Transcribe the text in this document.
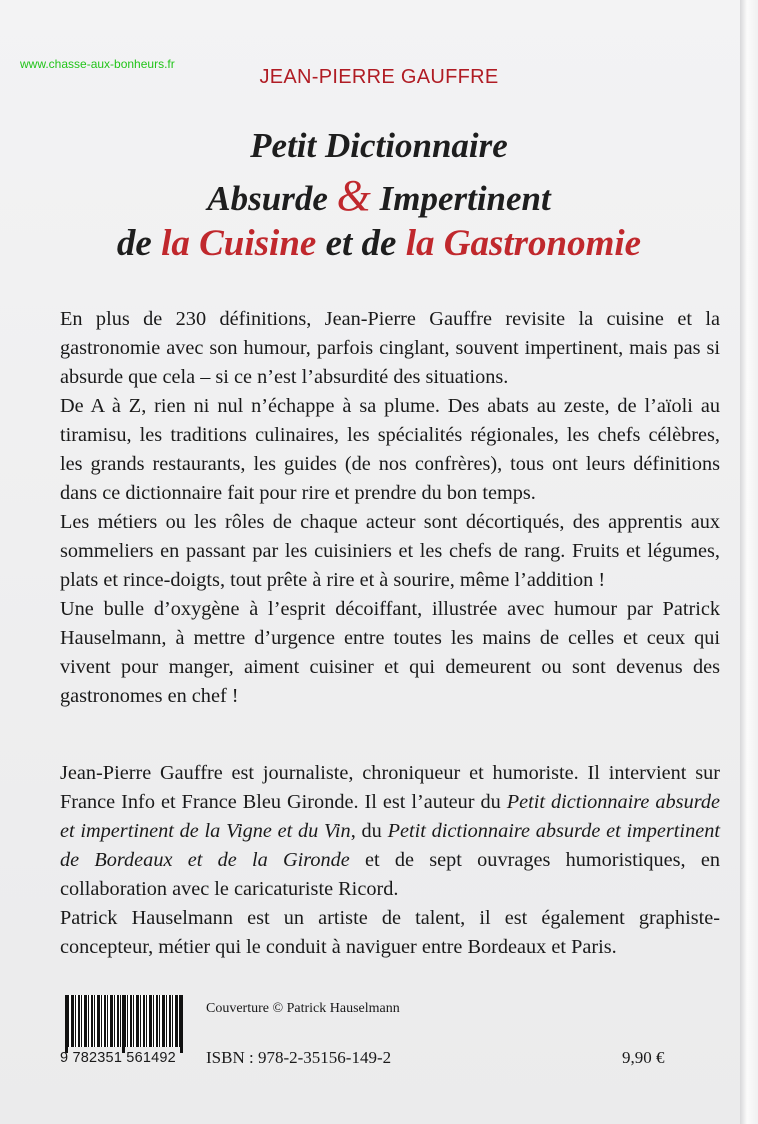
www.chasse-aux-bonheurs.fr
JEAN-PIERRE GAUFFRE
Petit Dictionnaire
Absurde & Impertinent
de la Cuisine et de la Gastronomie

En plus de 230 définitions, Jean-Pierre Gauffre revisite la cuisine et la gastronomie avec son humour, parfois cinglant, souvent impertinent, mais pas si absurde que cela – si ce n’est l’absurdité des situations.

De A à Z, rien ni nul n’échappe à sa plume. Des abats au zeste, de l’aïoli au tiramisu, les traditions culinaires, les spécialités régionales, les chefs célèbres, les grands restaurants, les guides (de nos confrères), tous ont leurs définitions dans ce dictionnaire fait pour rire et prendre du bon temps.

Les métiers ou les rôles de chaque acteur sont décortiqués, des apprentis aux sommeliers en passant par les cuisiniers et les chefs de rang. Fruits et légumes, plats et rince-doigts, tout prête à rire et à sourire, même l’addition !

Une bulle d’oxygène à l’esprit décoiffant, illustrée avec humour par Patrick Hauselmann, à mettre d’urgence entre toutes les mains de celles et ceux qui vivent pour manger, aiment cuisiner et qui demeurent ou sont devenus des gastronomes en chef !

Jean-Pierre Gauffre est journaliste, chroniqueur et humoriste. Il intervient sur France Info et France Bleu Gironde. Il est l’auteur du Petit dictionnaire absurde et impertinent de la Vigne et du Vin, du Petit dictionnaire absurde et impertinent de Bordeaux et de la Gironde et de sept ouvrages humoristiques, en collaboration avec le caricaturiste Ricord.

Patrick Hauselmann est un artiste de talent, il est également graphiste-concepteur, métier qui le conduit à naviguer entre Bordeaux et Paris.

9 782351 561492
Couverture © Patrick Hauselmann
ISBN : 978-2-35156-149-2	9,90 €
